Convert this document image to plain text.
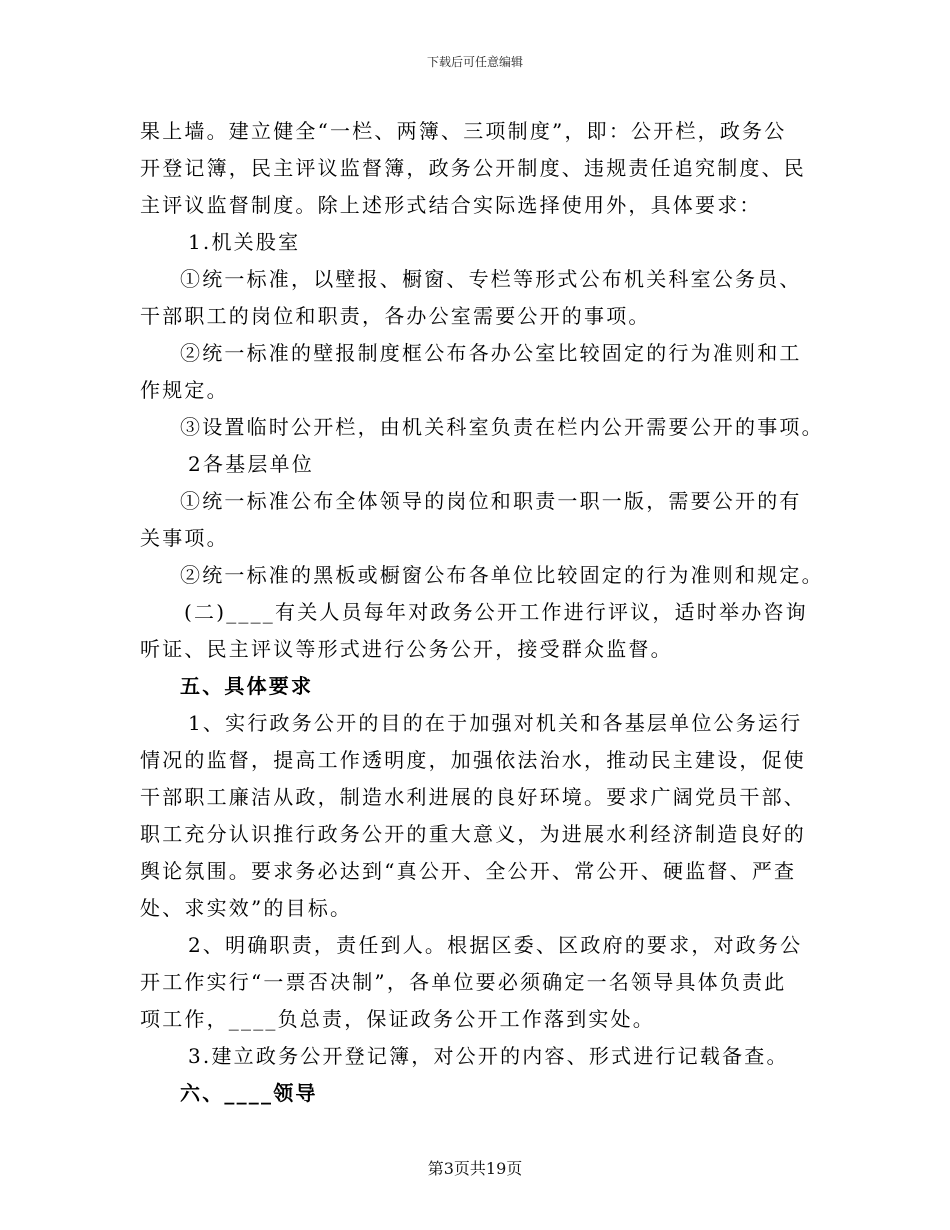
下载后可任意编辑
果上墙。建立健全“一栏、两簿、三项制度”，即：公开栏，政务公
开登记簿，民主评议监督簿，政务公开制度、违规责任追究制度、民
主评议监督制度。除上述形式结合实际选择使用外，具体要求：
1.机关股室
①统一标准，以壁报、橱窗、专栏等形式公布机关科室公务员、
干部职工的岗位和职责，各办公室需要公开的事项。
②统一标准的壁报制度框公布各办公室比较固定的行为准则和工
作规定。
③设置临时公开栏，由机关科室负责在栏内公开需要公开的事项。
2各基层单位
①统一标准公布全体领导的岗位和职责一职一版，需要公开的有
关事项。
②统一标准的黑板或橱窗公布各单位比较固定的行为准则和规定。
(二)____有关人员每年对政务公开工作进行评议，适时举办咨询
听证、民主评议等形式进行公务公开，接受群众监督。
五、具体要求
1、实行政务公开的目的在于加强对机关和各基层单位公务运行
情况的监督，提高工作透明度，加强依法治水，推动民主建设，促使
干部职工廉洁从政，制造水利进展的良好环境。要求广阔党员干部、
职工充分认识推行政务公开的重大意义，为进展水利经济制造良好的
舆论氛围。要求务必达到“真公开、全公开、常公开、硬监督、严查
处、求实效”的目标。
2、明确职责，责任到人。根据区委、区政府的要求，对政务公
开工作实行“一票否决制”，各单位要必须确定一名领导具体负责此
项工作，____负总责，保证政务公开工作落到实处。
3.建立政务公开登记簿，对公开的内容、形式进行记载备查。
六、____领导
第3页共19页
